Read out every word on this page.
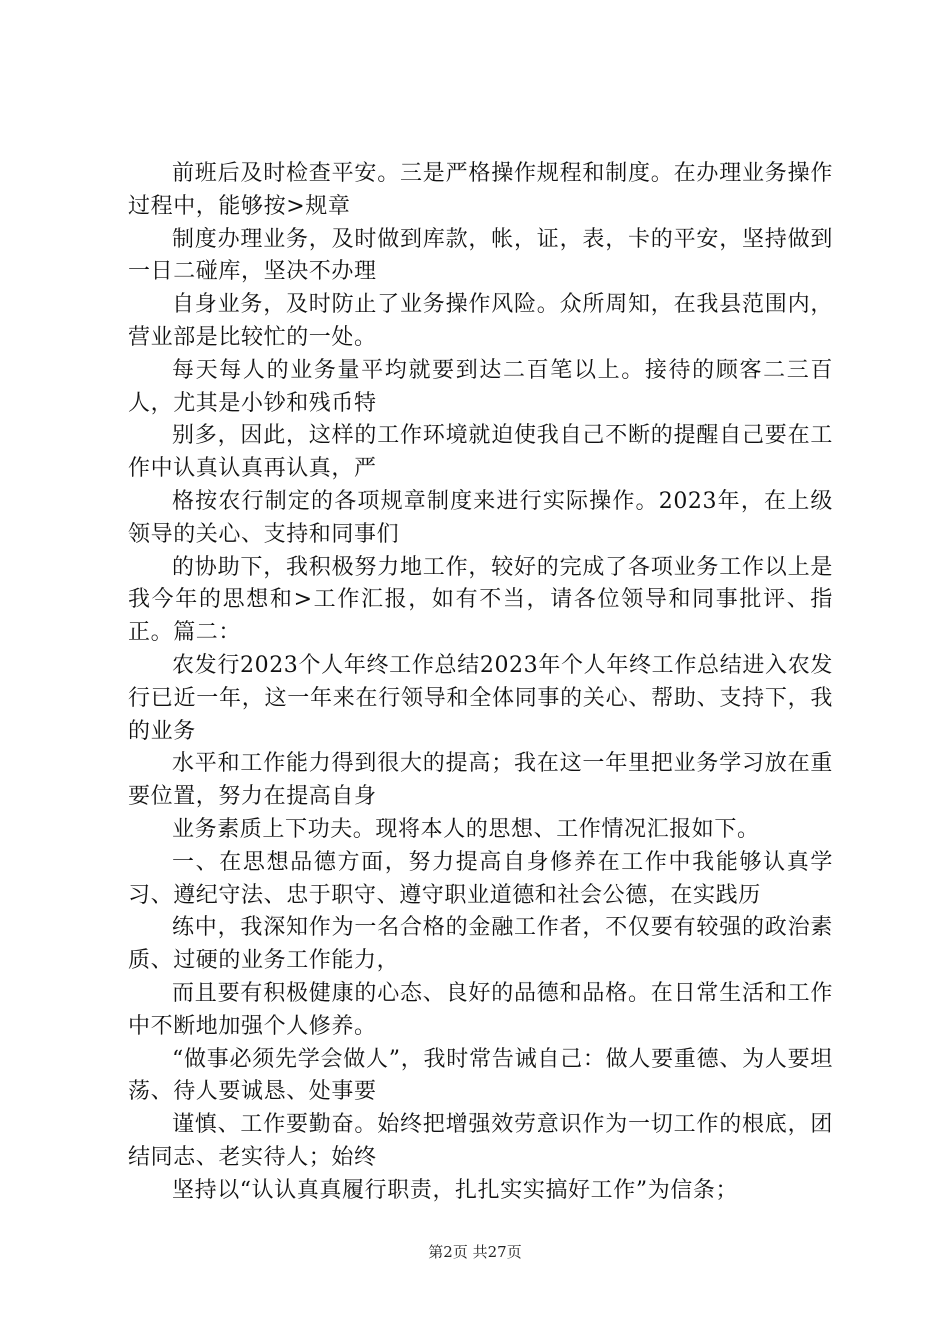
前班后及时检查平安。三是严格操作规程和制度。在办理业务操作过程中，能够按>规章

制度办理业务，及时做到库款，帐，证，表，卡的平安，坚持做到一日二碰库，坚决不办理

自身业务，及时防止了业务操作风险。众所周知，在我县范围内，营业部是比较忙的一处。

每天每人的业务量平均就要到达二百笔以上。接待的顾客二三百人，尤其是小钞和残币特

别多，因此，这样的工作环境就迫使我自己不断的提醒自己要在工作中认真认真再认真，严

格按农行制定的各项规章制度来进行实际操作。2023年，在上级领导的关心、支持和同事们

的协助下，我积极努力地工作，较好的完成了各项业务工作以上是我今年的思想和>工作汇报，如有不当，请各位领导和同事批评、指正。篇二：

农发行2023个人年终工作总结2023年个人年终工作总结进入农发行已近一年，这一年来在行领导和全体同事的关心、帮助、支持下，我的业务

水平和工作能力得到很大的提高；我在这一年里把业务学习放在重要位置，努力在提高自身

业务素质上下功夫。现将本人的思想、工作情况汇报如下。

一、在思想品德方面，努力提高自身修养在工作中我能够认真学习、遵纪守法、忠于职守、遵守职业道德和社会公德，在实践历

练中，我深知作为一名合格的金融工作者，不仅要有较强的政治素质、过硬的业务工作能力，

而且要有积极健康的心态、良好的品德和品格。在日常生活和工作中不断地加强个人修养。

“做事必须先学会做人”，我时常告诫自己：做人要重德、为人要坦荡、待人要诚恳、处事要

谨慎、工作要勤奋。始终把增强效劳意识作为一切工作的根底，团结同志、老实待人；始终

坚持以“认认真真履行职责，扎扎实实搞好工作”为信条；

第2页 共27页
